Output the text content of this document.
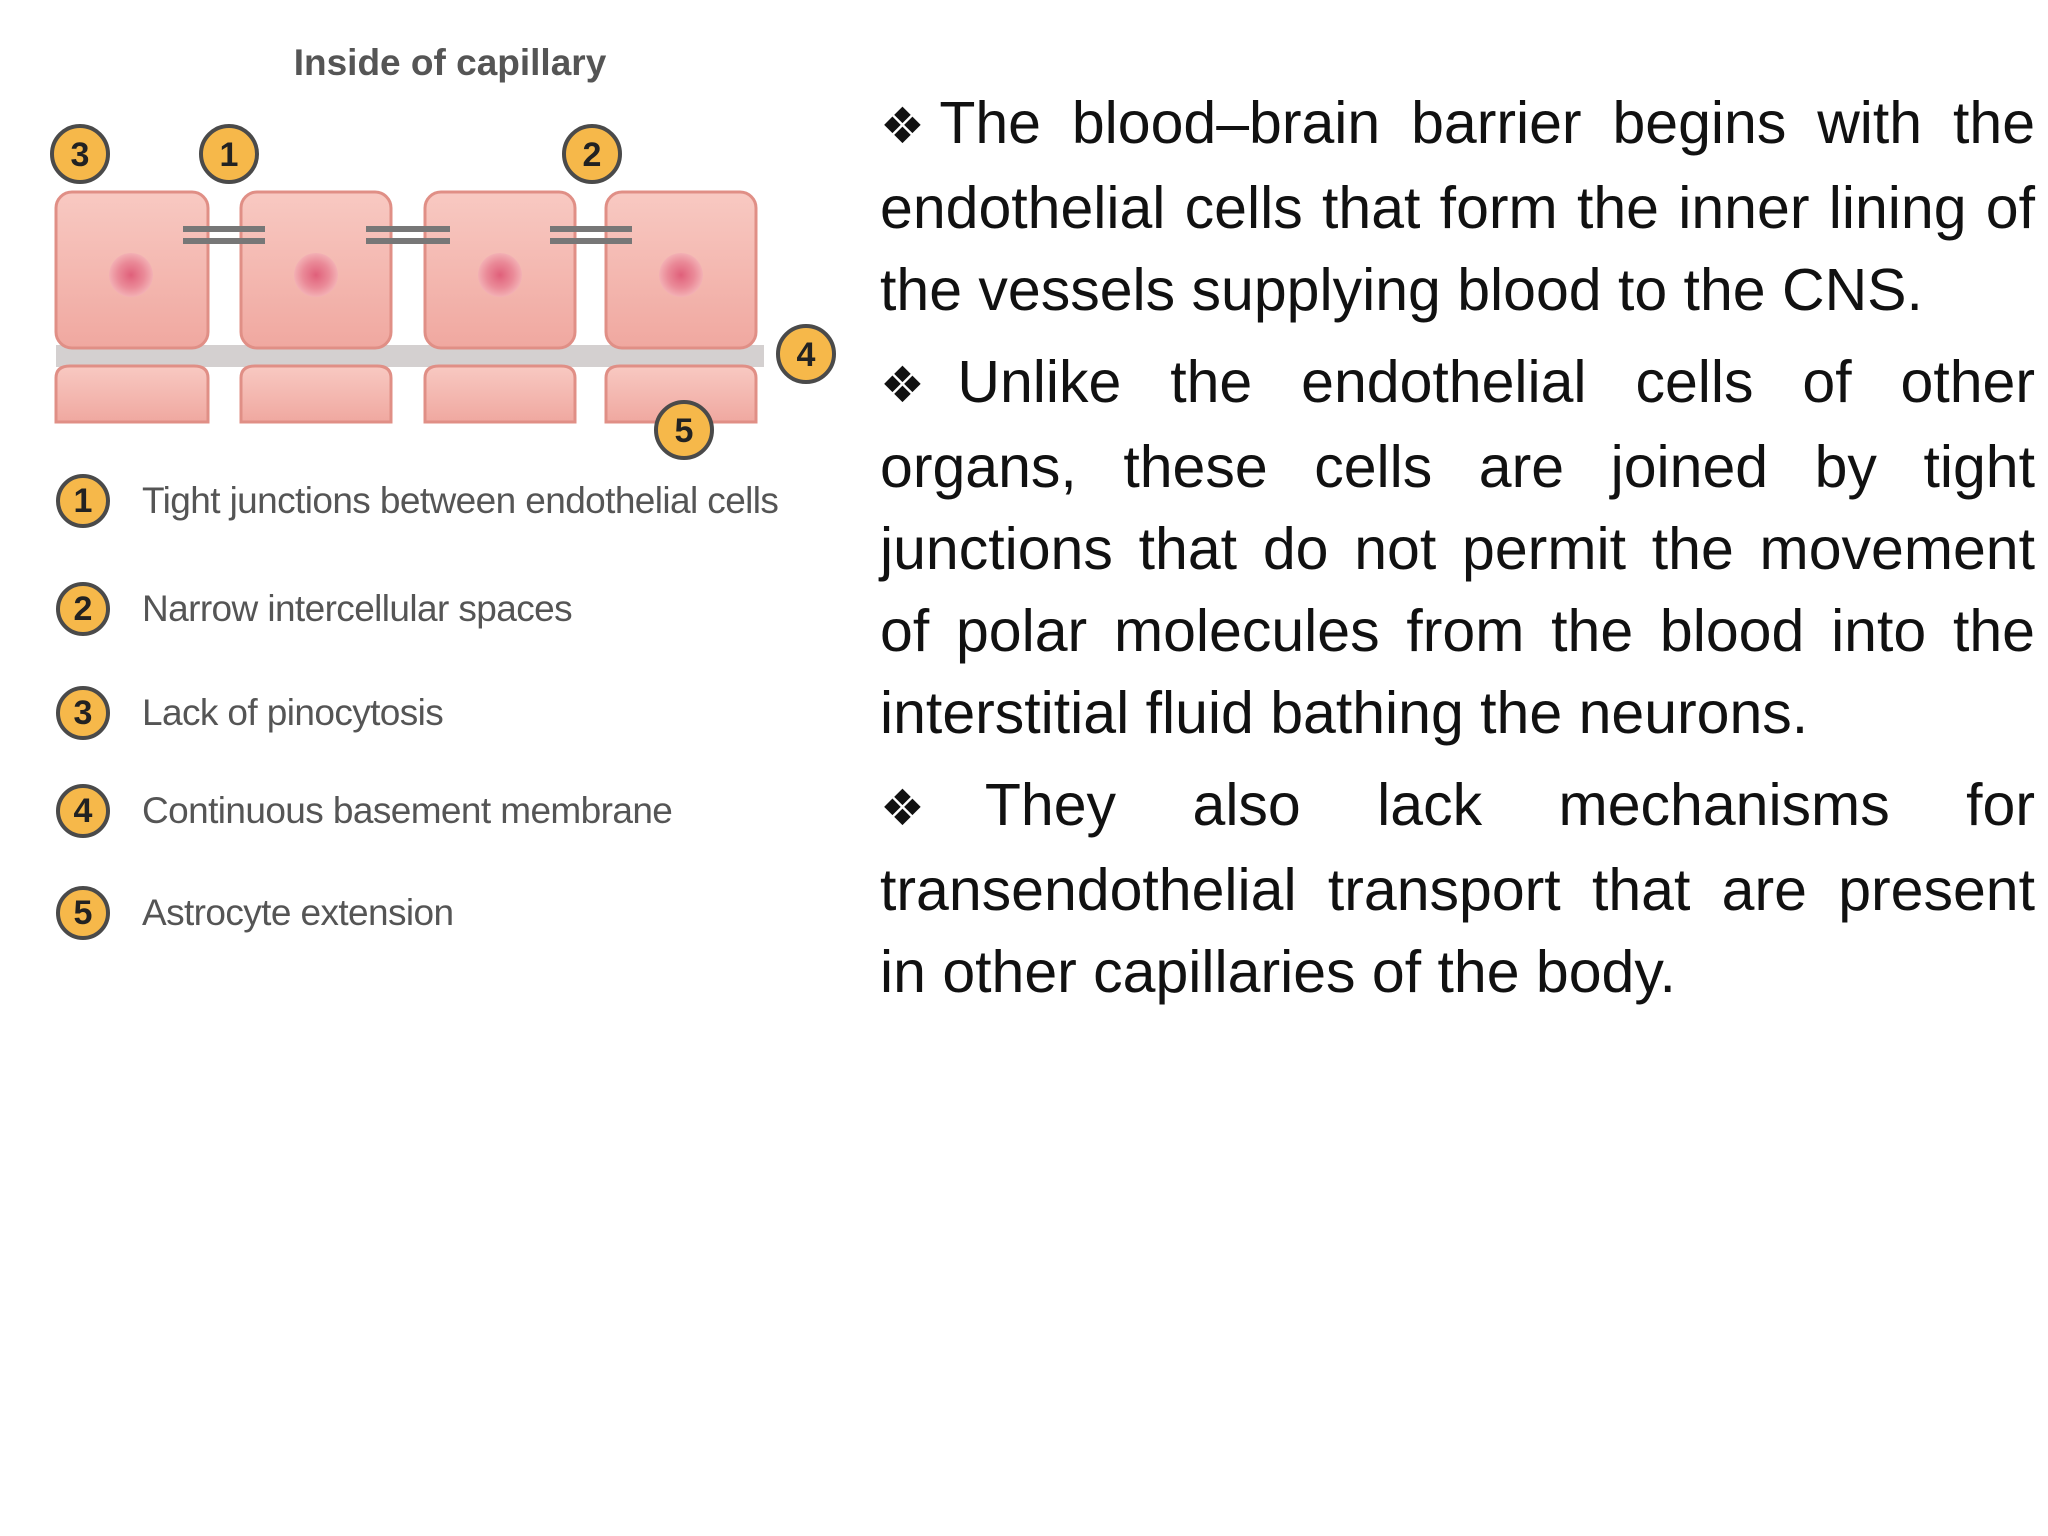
Inside of capillary
3	1	2
4
5
1	Tight junctions between endothelial cells
2	Narrow intercellular spaces
3	Lack of pinocytosis
4	Continuous basement membrane
5	Astrocyte extension

❖The blood–brain barrier begins with the endothelial cells that form the inner lining of the vessels supplying blood to the CNS.

❖Unlike the endothelial cells of other organs, these cells are joined by tight junctions that do not permit the movement of polar molecules from the blood into the interstitial fluid bathing the neurons.

❖They also lack mechanisms for transendothelial transport that are present in other capillaries of the body.
